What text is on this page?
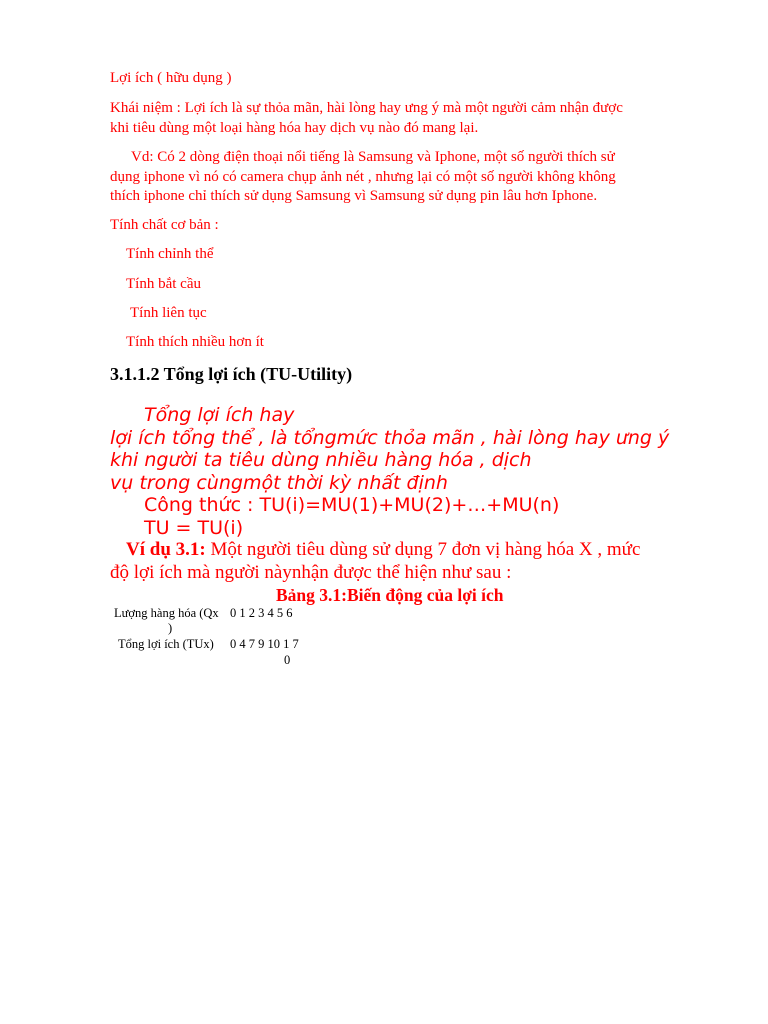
Lợi ích ( hữu dụng )

Khái niệm : Lợi ích là sự thỏa mãn, hài lòng hay ưng ý mà một người cảm nhận được

khi tiêu dùng một loại hàng hóa hay dịch vụ nào đó mang lại.

Vd: Có 2 dòng điện thoại nổi tiếng là Samsung và Iphone, một số người thích sử

dụng iphone vì nó có camera chụp ảnh nét , nhưng lại có một số người không không

thích iphone chỉ thích sử dụng Samsung vì Samsung sử dụng pin lâu hơn Iphone.

Tính chất cơ bản :

Tính chỉnh thể

Tính bắt cầu

Tính liên tục

Tính thích nhiều hơn ít

3.1.1.2 Tổng lợi ích (TU-Utility)

Tổng lợi ích hay

lợi ích tổng thể , là tổngmức thỏa mãn , hài lòng hay ưng ý

khi người ta tiêu dùng nhiều hàng hóa , dịch

vụ trong cùngmột thời kỳ nhất định

Công thức : TU(i)=MU(1)+MU(2)+…+MU(n)

TU = TU(i)

Ví dụ 3.1: Một người tiêu dùng sử dụng 7 đơn vị hàng hóa X , mức

độ lợi ích mà người nàynhận được thể hiện như sau :

Bảng 3.1:Biến động của lợi ích

Lượng hàng hóa (Qx 0 1 2 3 4 5 6
)
Tổng lợi ích (TUx) 0 4 7 9 10 1 7
0
